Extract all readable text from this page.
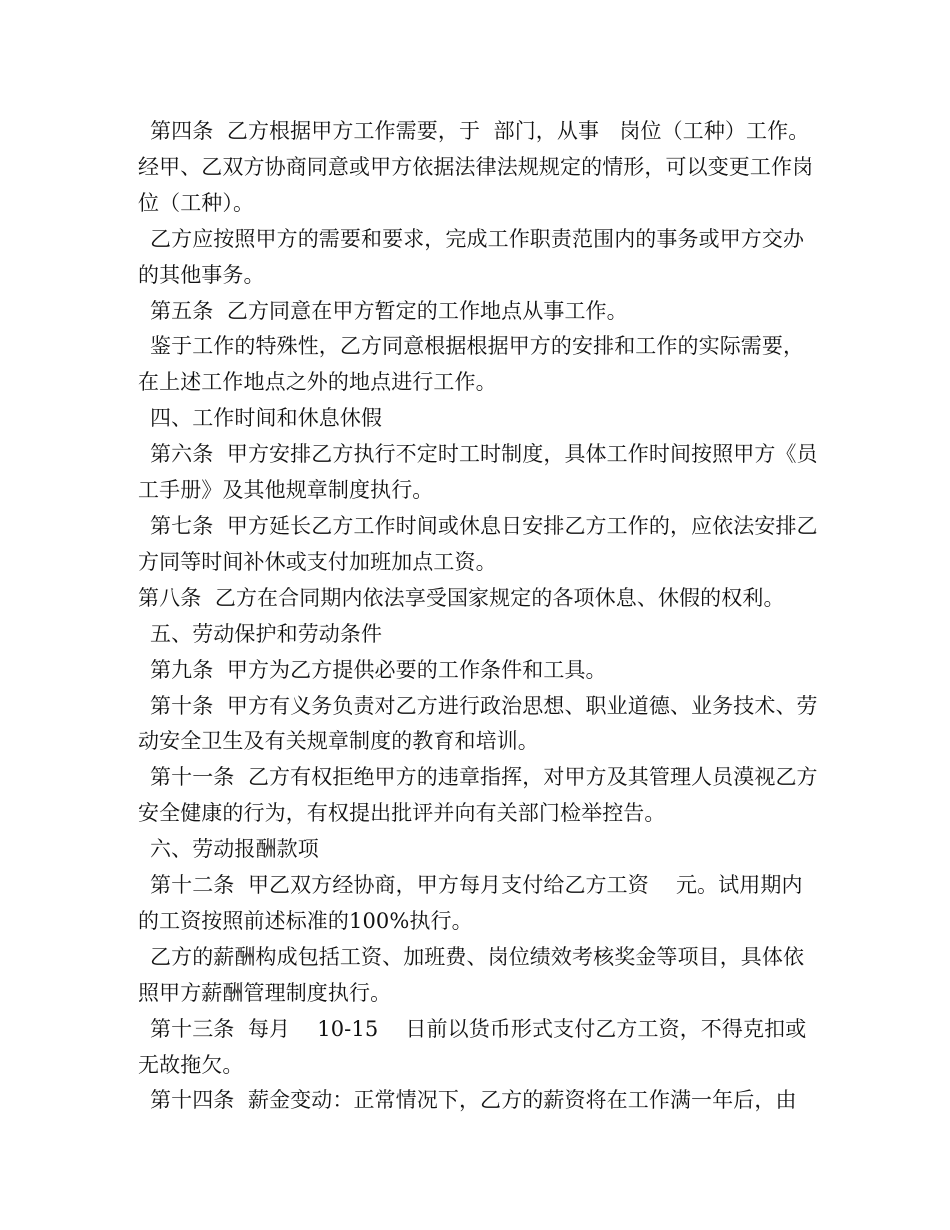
第四条  乙方根据甲方工作需要，于  部门，从事   岗位（工种）工作。经甲、乙双方协商同意或甲方依据法律法规规定的情形，可以变更工作岗位（工种）。

乙方应按照甲方的需要和要求，完成工作职责范围内的事务或甲方交办的其他事务。

第五条  乙方同意在甲方暂定的工作地点从事工作。

鉴于工作的特殊性，乙方同意根据根据甲方的安排和工作的实际需要，在上述工作地点之外的地点进行工作。

四、工作时间和休息休假

第六条  甲方安排乙方执行不定时工时制度，具体工作时间按照甲方《员工手册》及其他规章制度执行。

第七条  甲方延长乙方工作时间或休息日安排乙方工作的，应依法安排乙方同等时间补休或支付加班加点工资。

第八条  乙方在合同期内依法享受国家规定的各项休息、休假的权利。

五、劳动保护和劳动条件

第九条  甲方为乙方提供必要的工作条件和工具。

第十条  甲方有义务负责对乙方进行政治思想、职业道德、业务技术、劳动安全卫生及有关规章制度的教育和培训。

第十一条  乙方有权拒绝甲方的违章指挥，对甲方及其管理人员漠视乙方安全健康的行为，有权提出批评并向有关部门检举控告。

六、劳动报酬款项

第十二条  甲乙双方经协商，甲方每月支付给乙方工资    元。试用期内的工资按照前述标准的100%执行。

乙方的薪酬构成包括工资、加班费、岗位绩效考核奖金等项目，具体依照甲方薪酬管理制度执行。

第十三条  每月    10-15    日前以货币形式支付乙方工资，不得克扣或无故拖欠。

第十四条  薪金变动：正常情况下，乙方的薪资将在工作满一年后，由
